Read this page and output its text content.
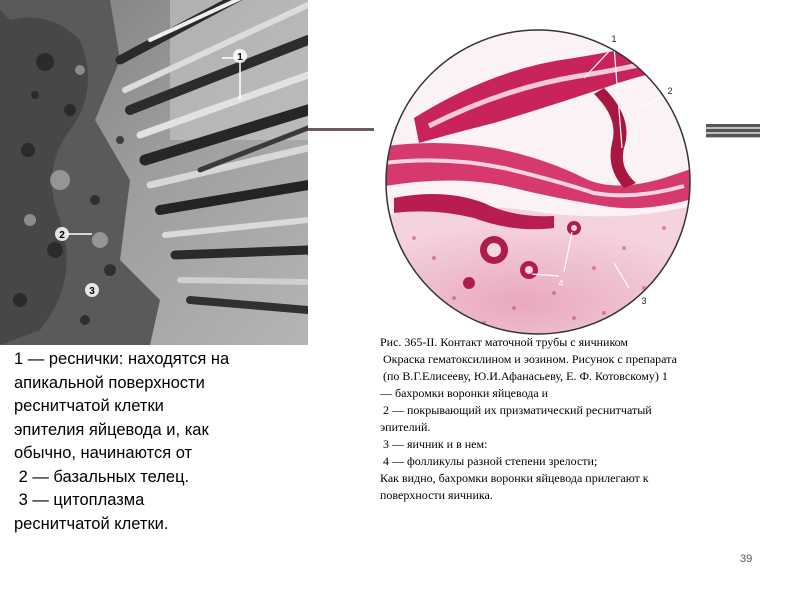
1
2
3
1
2
3
4
1 — реснички: находятся на
апикальной поверхности
реснитчатой клетки
эпителия яйцевода и, как
обычно, начинаются от
2 — базальных телец.
3 — цитоплазма
реснитчатой клетки.
Рис. 365-II. Контакт маточной трубы с яичником
Окраска гематоксилином и эозином. Рисунок с препарата
(по В.Г.Елисееву, Ю.И.Афанасьеву, Е. Ф. Котовскому) 1
— бахромки воронки яйцевода и
2 — покрывающий их призматический реснитчатый
эпителий.
3 — яичник и в нем:
4 — фолликулы разной степени зрелости;
Как видно, бахромки воронки яйцевода прилегают к
поверхности яичника.
39
